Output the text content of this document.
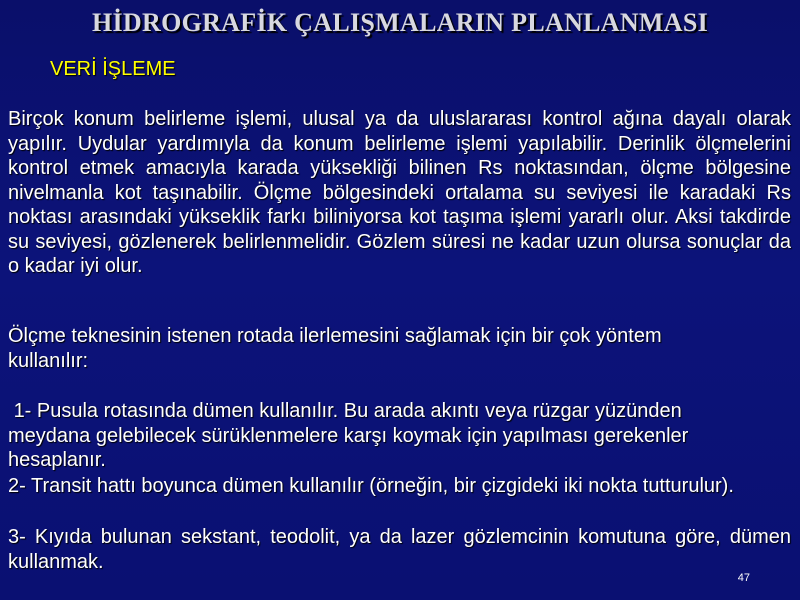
HİDROGRAFİK ÇALIŞMALARIN PLANLANMASI
VERİ İŞLEME
Birçok konum belirleme işlemi, ulusal ya da uluslararası kontrol ağına dayalı olarak yapılır. Uydular yardımıyla da konum belirleme işlemi yapılabilir. Derinlik ölçmelerini kontrol etmek amacıyla karada yüksekliği bilinen Rs noktasından, ölçme bölgesine nivelmanla kot taşınabilir. Ölçme bölgesindeki ortalama su seviyesi ile karadaki Rs noktası arasındaki yükseklik farkı biliniyorsa kot taşıma işlemi yararlı olur. Aksi takdirde su seviyesi, gözlenerek belirlenmelidir. Gözlem süresi ne kadar uzun olursa sonuçlar da o kadar iyi olur.
Ölçme teknesinin istenen rotada ilerlemesini sağlamak için bir çok yöntem kullanılır:
1- Pusula rotasında dümen kullanılır. Bu arada akıntı veya rüzgar yüzünden meydana gelebilecek sürüklenmelere karşı koymak için yapılması gerekenler hesaplanır.
2- Transit hattı boyunca dümen kullanılır (örneğin, bir çizgideki iki nokta tutturulur).
3- Kıyıda bulunan sekstant, teodolit, ya da lazer gözlemcinin komutuna göre, dümen kullanmak.
47
